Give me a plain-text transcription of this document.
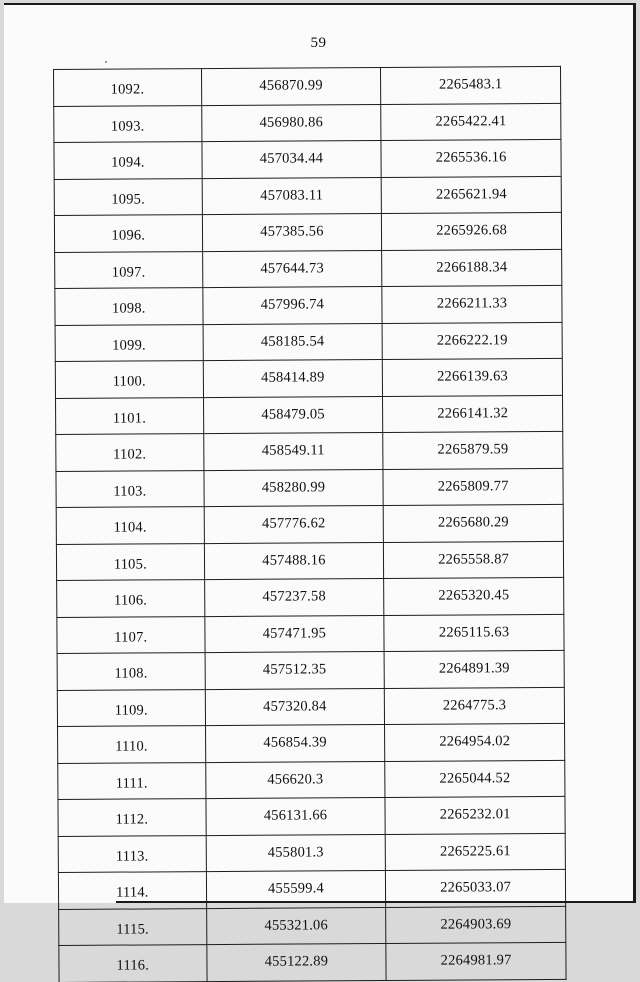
59
1092.	456870.99	2265483.1
1093.	456980.86	2265422.41
1094.	457034.44	2265536.16
1095.	457083.11	2265621.94
1096.	457385.56	2265926.68
1097.	457644.73	2266188.34
1098.	457996.74	2266211.33
1099.	458185.54	2266222.19
1100.	458414.89	2266139.63
1101.	458479.05	2266141.32
1102.	458549.11	2265879.59
1103.	458280.99	2265809.77
1104.	457776.62	2265680.29
1105.	457488.16	2265558.87
1106.	457237.58	2265320.45
1107.	457471.95	2265115.63
1108.	457512.35	2264891.39
1109.	457320.84	2264775.3
1110.	456854.39	2264954.02
1111.	456620.3	2265044.52
1112.	456131.66	2265232.01
1113.	455801.3	2265225.61
1114.	455599.4	2265033.07
1115.	455321.06	2264903.69
1116.	455122.89	2264981.97
